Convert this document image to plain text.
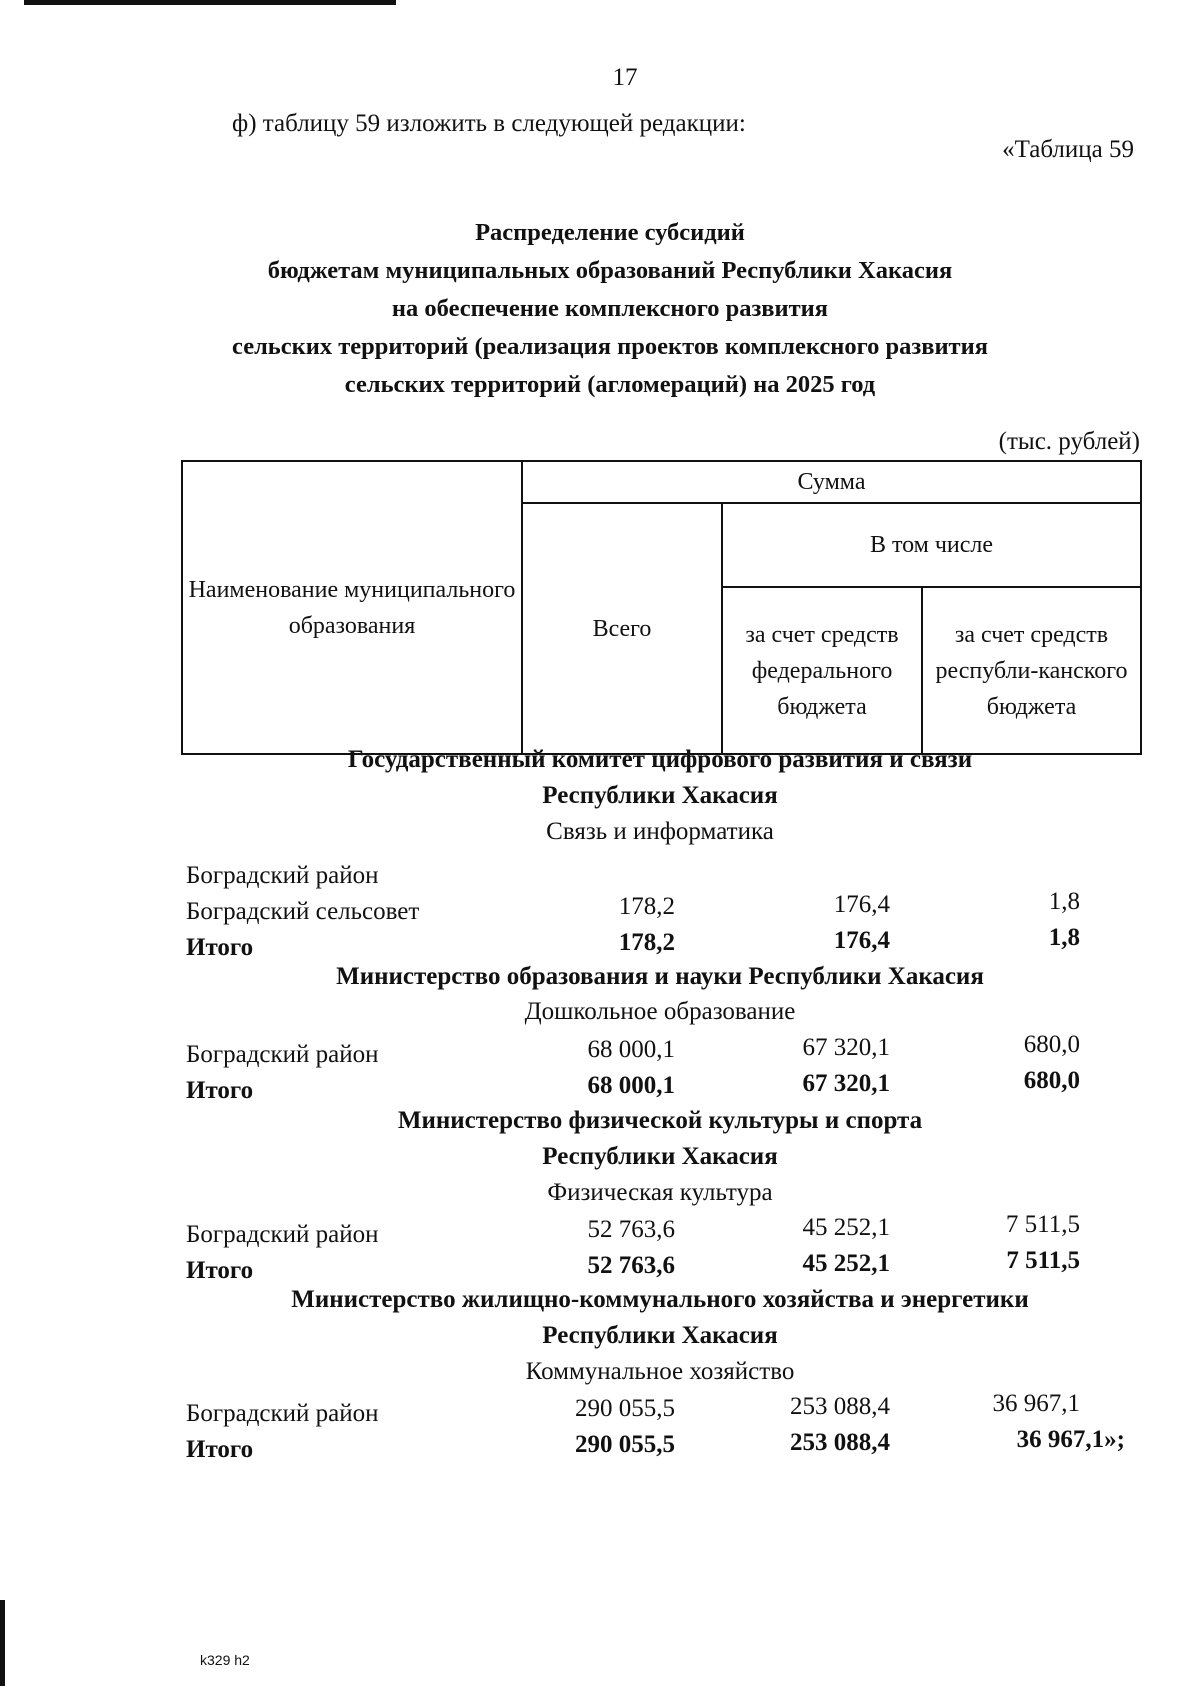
17
ф) таблицу 59 изложить в следующей редакции:
«Таблица 59
Распределение субсидий
бюджетам муниципальных образований Республики Хакасия
на обеспечение комплексного развития
сельских территорий (реализация проектов комплексного развития
сельских территорий (агломераций) на 2025 год
(тыс. рублей)
Наименование муниципального образования	Сумма		
	Всего	В том числе	
		за счет средств федерального бюджета	за счет средств республи-канского бюджета
Государственный комитет цифрового развития и связи
Республики Хакасия
Связь и информатика
Боградский район
Боградский сельсовет	178,2	176,4	1,8
Итого	178,2	176,4	1,8
Министерство образования и науки Республики Хакасия
Дошкольное образование
Боградский район	68 000,1	67 320,1	680,0
Итого	68 000,1	67 320,1	680,0
Министерство физической культуры и спорта
Республики Хакасия
Физическая культура
Боградский район	52 763,6	45 252,1	7 511,5
Итого	52 763,6	45 252,1	7 511,5
Министерство жилищно-коммунального хозяйства и энергетики
Республики Хакасия
Коммунальное хозяйство
Боградский район	290 055,5	253 088,4	36 967,1
Итого	290 055,5	253 088,4	36 967,1»;
k329 h2
